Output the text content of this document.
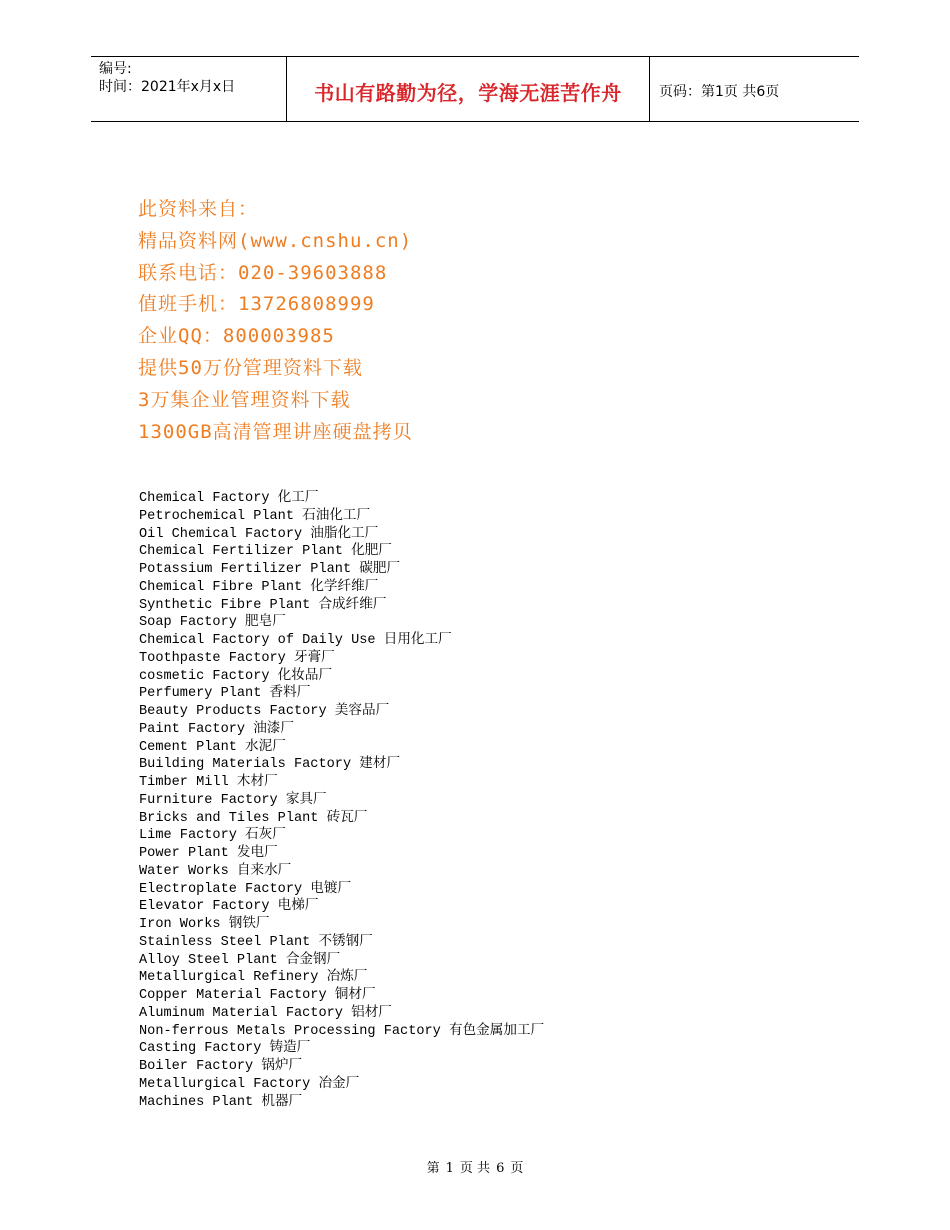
编号:
时间：2021年x月x日	书山有路勤为径，学海无涯苦作舟	页码：第1页 共6页
此资料来自：
精品资料网(www.cnshu.cn)
联系电话：020-39603888
值班手机：13726808999
企业QQ：800003985
提供50万份管理资料下载
3万集企业管理资料下载
1300GB高清管理讲座硬盘拷贝
Chemical Factory 化工厂
Petrochemical Plant 石油化工厂
Oil Chemical Factory 油脂化工厂
Chemical Fertilizer Plant 化肥厂
Potassium Fertilizer Plant 碳肥厂
Chemical Fibre Plant 化学纤维厂
Synthetic Fibre Plant 合成纤维厂
Soap Factory 肥皂厂
Chemical Factory of Daily Use 日用化工厂
Toothpaste Factory 牙膏厂
cosmetic Factory 化妆品厂
Perfumery Plant 香料厂
Beauty Products Factory 美容品厂
Paint Factory 油漆厂
Cement Plant 水泥厂
Building Materials Factory 建材厂
Timber Mill 木材厂
Furniture Factory 家具厂
Bricks and Tiles Plant 砖瓦厂
Lime Factory 石灰厂
Power Plant 发电厂
Water Works 自来水厂
Electroplate Factory 电镀厂
Elevator Factory 电梯厂
Iron Works 钢铁厂
Stainless Steel Plant 不锈钢厂
Alloy Steel Plant 合金钢厂
Metallurgical Refinery 冶炼厂
Copper Material Factory 铜材厂
Aluminum Material Factory 铝材厂
Non-ferrous Metals Processing Factory 有色金属加工厂
Casting Factory 铸造厂
Boiler Factory 锅炉厂
Metallurgical Factory 冶金厂
Machines Plant 机器厂
第 1 页 共 6 页
